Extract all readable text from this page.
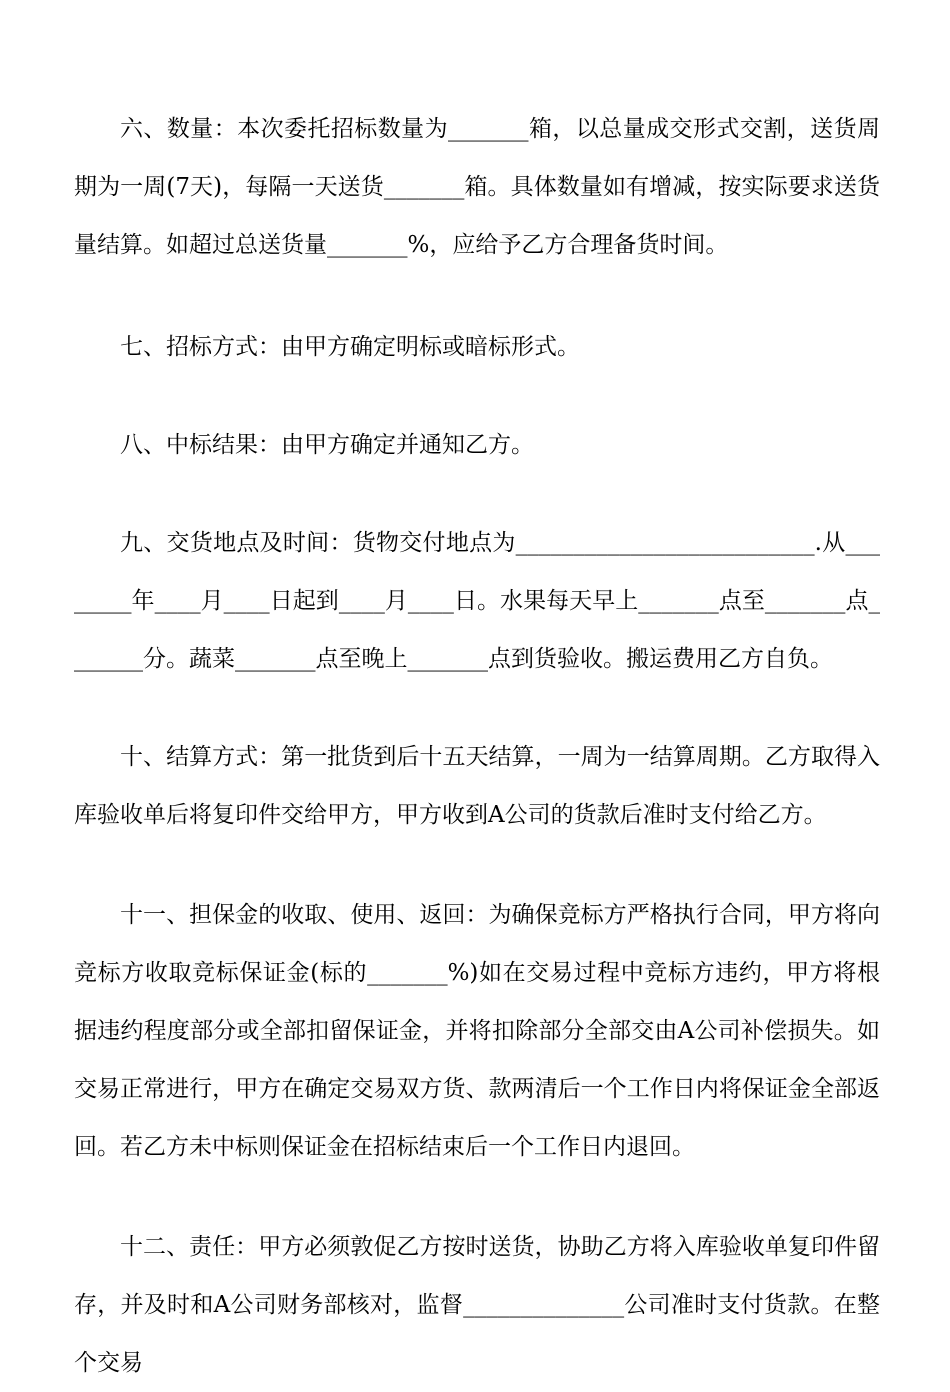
六、数量：本次委托招标数量为_______箱，以总量成交形式交割，送货周期为一周(7天)，每隔一天送货_______箱。具体数量如有增减，按实际要求送货量结算。如超过总送货量_______%，应给予乙方合理备货时间。

七、招标方式：由甲方确定明标或暗标形式。

八、中标结果：由甲方确定并通知乙方。

九、交货地点及时间：货物交付地点为__________________________.从________年____月____日起到____月____日。水果每天早上_______点至_______点_______分。蔬菜_______点至晚上_______点到货验收。搬运费用乙方自负。

十、结算方式：第一批货到后十五天结算，一周为一结算周期。乙方取得入库验收单后将复印件交给甲方，甲方收到A公司的货款后准时支付给乙方。

十一、担保金的收取、使用、返回：为确保竞标方严格执行合同，甲方将向竞标方收取竞标保证金(标的_______%)如在交易过程中竞标方违约，甲方将根据违约程度部分或全部扣留保证金，并将扣除部分全部交由A公司补偿损失。如交易正常进行，甲方在确定交易双方货、款两清后一个工作日内将保证金全部返回。若乙方未中标则保证金在招标结束后一个工作日内退回。

十二、责任：甲方必须敦促乙方按时送货，协助乙方将入库验收单复印件留存，并及时和A公司财务部核对，监督______________公司准时支付货款。在整个交易
